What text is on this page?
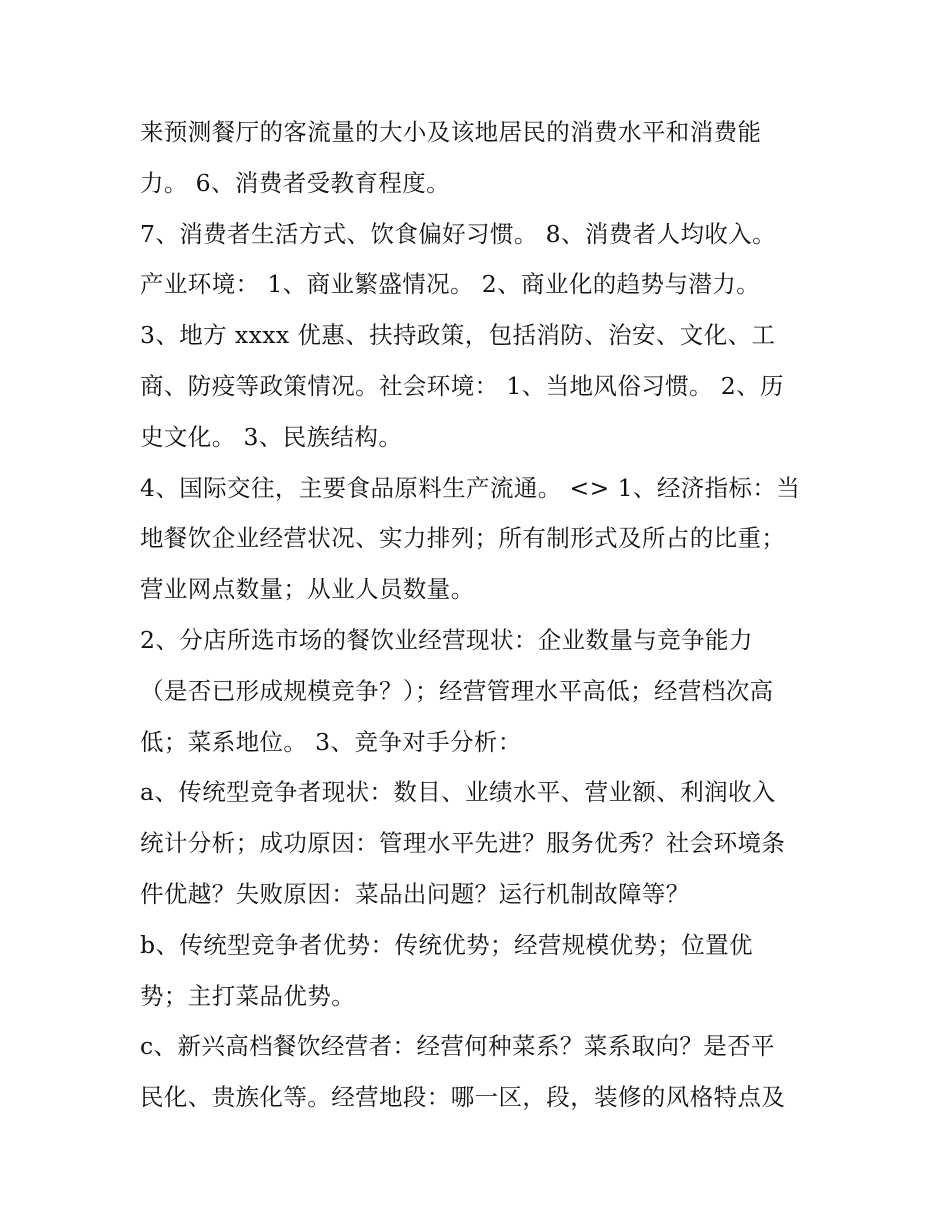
来预测餐厅的客流量的大小及该地居民的消费水平和消费能
力。 6、消费者受教育程度。
7、消费者生活方式、饮食偏好习惯。 8、消费者人均收入。
产业环境： 1、商业繁盛情况。 2、商业化的趋势与潜力。
3、地方 xxxx 优惠、扶持政策，包括消防、治安、文化、工
商、防疫等政策情况。社会环境： 1、当地风俗习惯。 2、历
史文化。 3、民族结构。
4、国际交往，主要食品原料生产流通。 <> 1、经济指标：当
地餐饮企业经营状况、实力排列；所有制形式及所占的比重；
营业网点数量；从业人员数量。
2、分店所选市场的餐饮业经营现状：企业数量与竞争能力
（是否已形成规模竞争？）；经营管理水平高低；经营档次高
低；菜系地位。 3、竞争对手分析：
a、传统型竞争者现状：数目、业绩水平、营业额、利润收入
统计分析；成功原因：管理水平先进？服务优秀？社会环境条
件优越？失败原因：菜品出问题？运行机制故障等？
b、传统型竞争者优势：传统优势；经营规模优势；位置优
势；主打菜品优势。
c、新兴高档餐饮经营者：经营何种菜系？菜系取向？是否平
民化、贵族化等。经营地段：哪一区，段，装修的风格特点及
